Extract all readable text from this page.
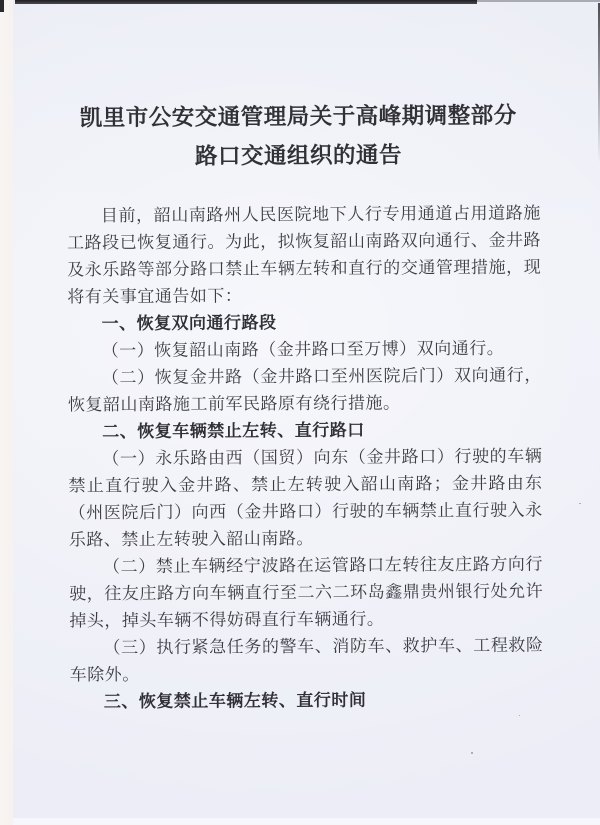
凯里市公安交通管理局关于高峰期调整部分
路口交通组织的通告

目前，韶山南路州人民医院地下人行专用通道占用道路施工路段已恢复通行。为此，拟恢复韶山南路双向通行、金井路及永乐路等部分路口禁止车辆左转和直行的交通管理措施，现将有关事宜通告如下：

一、恢复双向通行路段

（一）恢复韶山南路（金井路口至万博）双向通行。

（二）恢复金井路（金井路口至州医院后门）双向通行，恢复韶山南路施工前军民路原有绕行措施。

二、恢复车辆禁止左转、直行路口

（一）永乐路由西（国贸）向东（金井路口）行驶的车辆禁止直行驶入金井路、禁止左转驶入韶山南路；金井路由东（州医院后门）向西（金井路口）行驶的车辆禁止直行驶入永乐路、禁止左转驶入韶山南路。

（二）禁止车辆经宁波路在运管路口左转往友庄路方向行驶，往友庄路方向车辆直行至二六二环岛鑫鼎贵州银行处允许掉头，掉头车辆不得妨碍直行车辆通行。

（三）执行紧急任务的警车、消防车、救护车、工程救险车除外。

三、恢复禁止车辆左转、直行时间
